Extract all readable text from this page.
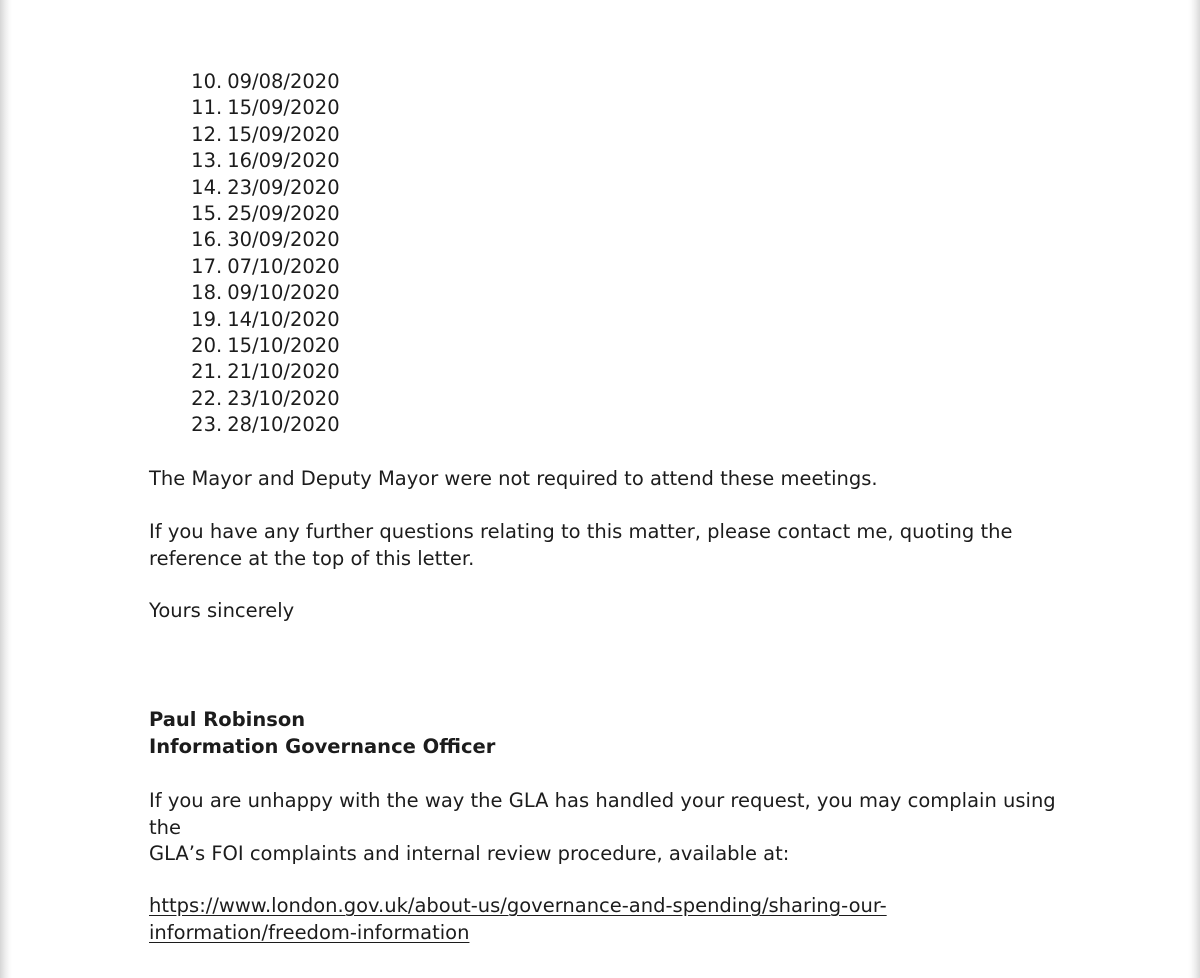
10. 09/08/2020
11. 15/09/2020
12. 15/09/2020
13. 16/09/2020
14. 23/09/2020
15. 25/09/2020
16. 30/09/2020
17. 07/10/2020
18. 09/10/2020
19. 14/10/2020
20. 15/10/2020
21. 21/10/2020
22. 23/10/2020
23. 28/10/2020

The Mayor and Deputy Mayor were not required to attend these meetings.

If you have any further questions relating to this matter, please contact me, quoting the
reference at the top of this letter.

Yours sincerely

Paul Robinson
Information Governance Officer

If you are unhappy with the way the GLA has handled your request, you may complain using the
GLA’s FOI complaints and internal review procedure, available at:

https://www.london.gov.uk/about-us/governance-and-spending/sharing-our-
information/freedom-information
